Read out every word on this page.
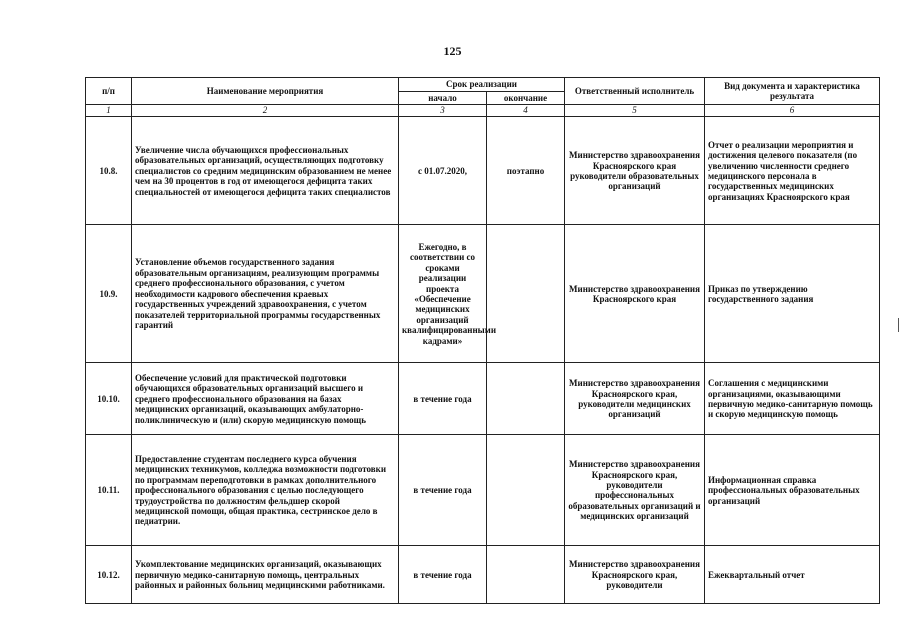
125
п/п	Наименование мероприятия	Срок реализации		Ответственный исполнитель	Вид документа и характеристика результата
		начало	окончание		
1	2	3	4	5	6
10.8.	Увеличение числа обучающихся профессиональных образовательных организаций, осуществляющих подготовку специалистов со средним медицинским образованием не менее чем на 30 процентов в год от имеющегося дефицита таких специальностей от имеющегося дефицита таких специалистов	с 01.07.2020,	поэтапно	Министерство здравоохранения Красноярского края руководители образовательных организаций	Отчет о реализации мероприятия и достижения целевого показателя (по увеличению численности среднего медицинского персонала в государственных медицинских организациях Красноярского края
10.9.	Установление объемов государственного задания образовательным организациям, реализующим программы среднего профессионального образования, с учетом необходимости кадрового обеспечения краевых государственных учреждений здравоохранения, с учетом показателей территориальной программы государственных гарантий	Ежегодно, в соответствии со сроками реализации проекта «Обеспечение медицинских организаций квалифицированными кадрами»		Министерство здравоохранения Красноярского края	Приказ по утверждению государственного задания
10.10.	Обеспечение условий для практической подготовки обучающихся образовательных организаций высшего и среднего профессионального образования на базах медицинских организаций, оказывающих амбулаторно-поликлиническую и (или) скорую медицинскую помощь	в течение года		Министерство здравоохранения Красноярского края, руководители медицинских организаций	Соглашения с медицинскими организациями, оказывающими первичную медико-санитарную помощь и скорую медицинскую помощь
10.11.	Предоставление студентам последнего курса обучения медицинских техникумов, колледжа возможности подготовки по программам переподготовки в рамках дополнительного профессионального образования с целью последующего трудоустройства по должностям фельдшер скорой медицинской помощи, общая практика, сестринское дело в педиатрии.	в течение года		Министерство здравоохранения Красноярского края, руководители профессиональных образовательных организаций и медицинских организаций	Информационная справка профессиональных образовательных организаций
10.12.	Укомплектование медицинских организаций, оказывающих первичную медико-санитарную помощь, центральных районных и районных больниц медицинскими работниками.	в течение года		Министерство здравоохранения Красноярского края, руководители	Ежеквартальный отчет
